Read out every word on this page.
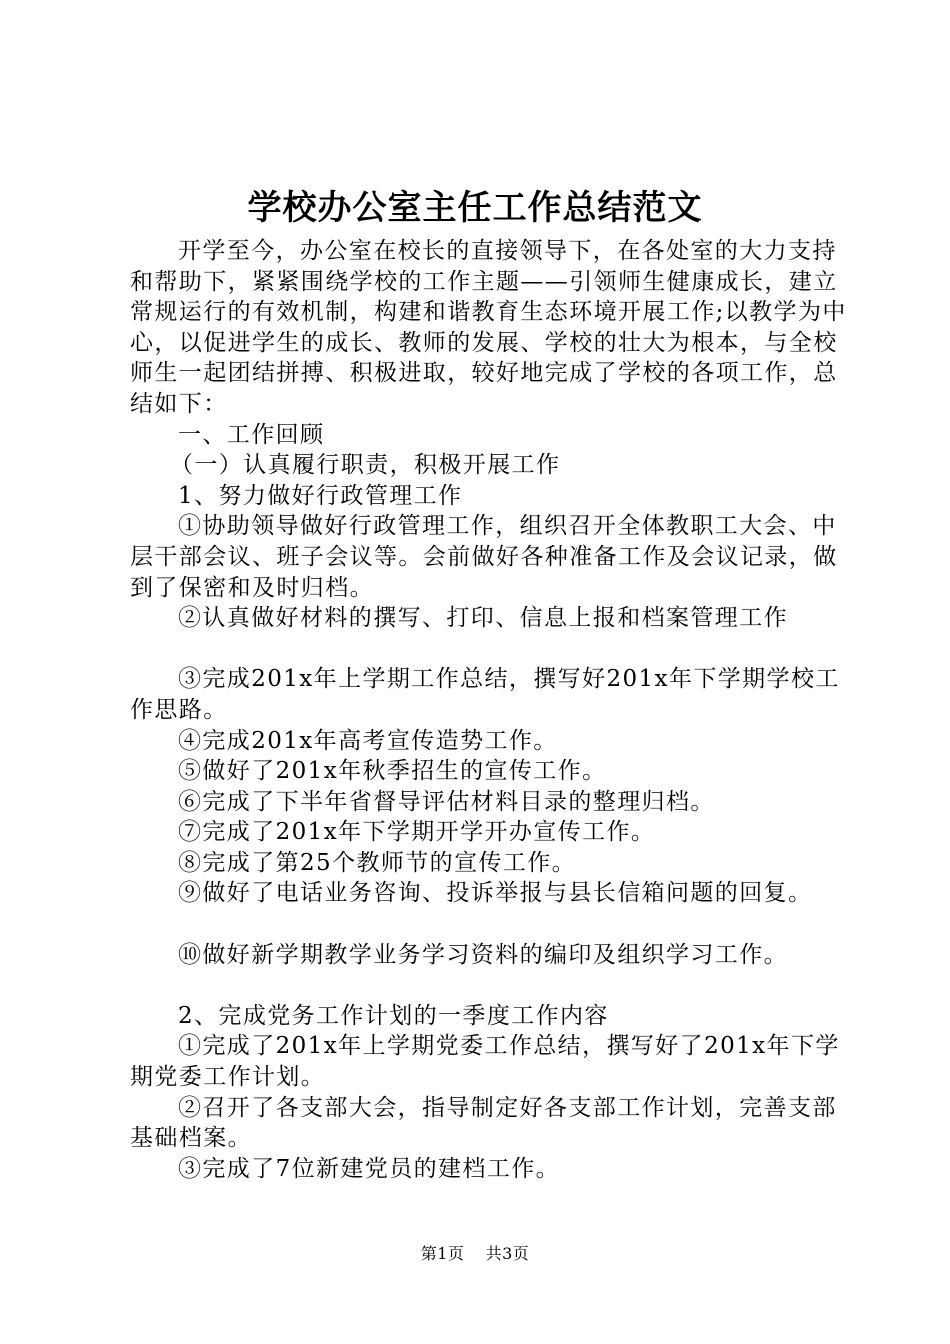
学校办公室主任工作总结范文

开学至今，办公室在校长的直接领导下，在各处室的大力支持和帮助下，紧紧围绕学校的工作主题——引领师生健康成长，建立常规运行的有效机制，构建和谐教育生态环境开展工作;以教学为中心，以促进学生的成长、教师的发展、学校的壮大为根本，与全校师生一起团结拼搏、积极进取，较好地完成了学校的各项工作，总结如下：

一、工作回顾

（一）认真履行职责，积极开展工作

1、努力做好行政管理工作

①协助领导做好行政管理工作，组织召开全体教职工大会、中层干部会议、班子会议等。会前做好各种准备工作及会议记录，做到了保密和及时归档。

②认真做好材料的撰写、打印、信息上报和档案管理工作

③完成201x年上学期工作总结，撰写好201x年下学期学校工作思路。

④完成201x年高考宣传造势工作。

⑤做好了201x年秋季招生的宣传工作。

⑥完成了下半年省督导评估材料目录的整理归档。

⑦完成了201x年下学期开学开办宣传工作。

⑧完成了第25个教师节的宣传工作。

⑨做好了电话业务咨询、投诉举报与县长信箱问题的回复。

⑩做好新学期教学业务学习资料的编印及组织学习工作。

2、完成党务工作计划的一季度工作内容

①完成了201x年上学期党委工作总结，撰写好了201x年下学期党委工作计划。

②召开了各支部大会，指导制定好各支部工作计划，完善支部基础档案。

③完成了7位新建党员的建档工作。

第1页 共3页
